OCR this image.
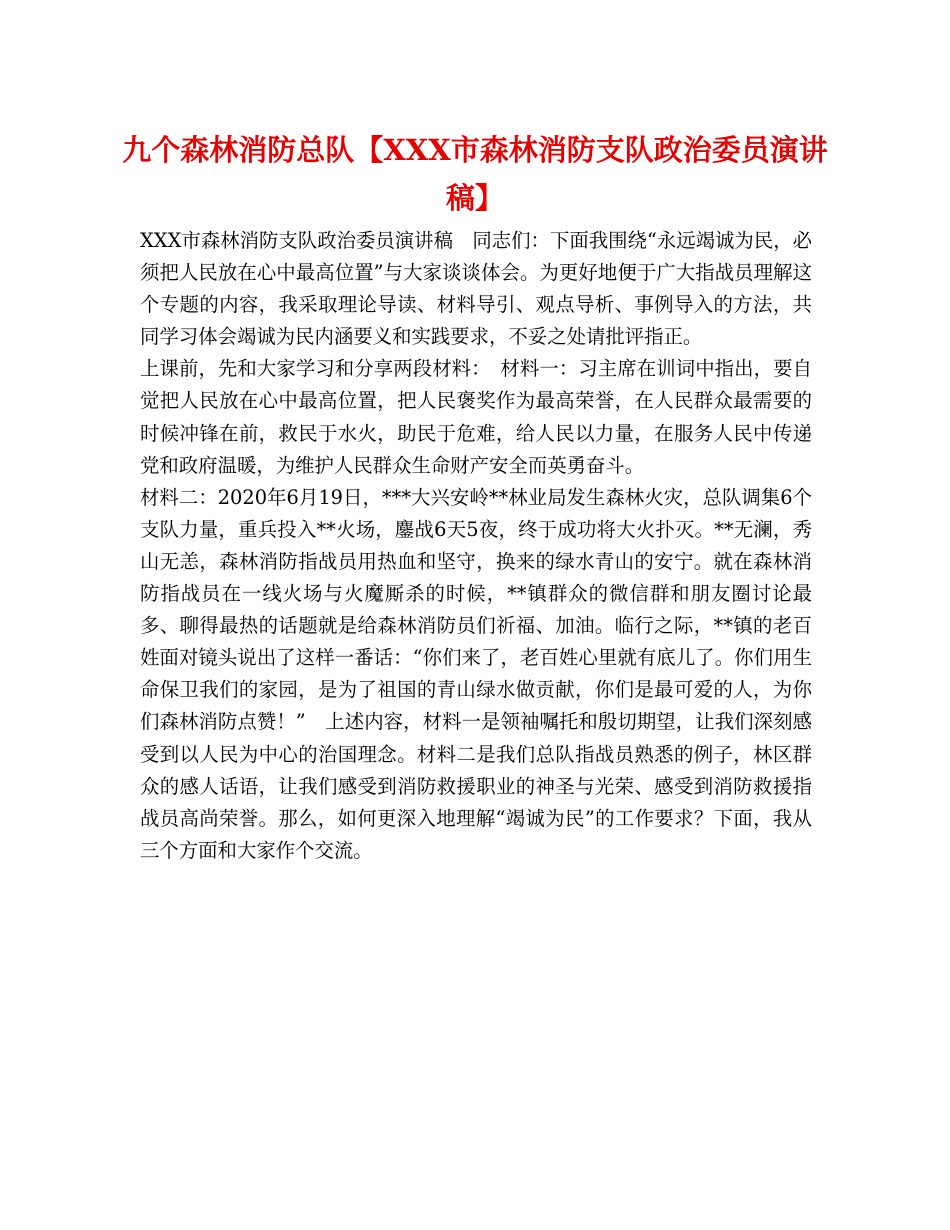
九个森林消防总队【XXX市森林消防支队政治委员演讲稿】

XXX市森林消防支队政治委员演讲稿　同志们：下面我围绕“永远竭诚为民，必须把人民放在心中最高位置”与大家谈谈体会。为更好地便于广大指战员理解这个专题的内容，我采取理论导读、材料导引、观点导析、事例导入的方法，共同学习体会竭诚为民内涵要义和实践要求，不妥之处请批评指正。

上课前，先和大家学习和分享两段材料：　材料一：习主席在训词中指出，要自觉把人民放在心中最高位置，把人民褒奖作为最高荣誉，在人民群众最需要的时候冲锋在前，救民于水火，助民于危难，给人民以力量，在服务人民中传递党和政府温暖，为维护人民群众生命财产安全而英勇奋斗。

材料二：2020年6月19日，***大兴安岭**林业局发生森林火灾，总队调集6个支队力量，重兵投入**火场，鏖战6天5夜，终于成功将大火扑灭。**无澜，秀山无恙，森林消防指战员用热血和坚守，换来的绿水青山的安宁。就在森林消防指战员在一线火场与火魔厮杀的时候，**镇群众的微信群和朋友圈讨论最多、聊得最热的话题就是给森林消防员们祈福、加油。临行之际，**镇的老百姓面对镜头说出了这样一番话：“你们来了，老百姓心里就有底儿了。你们用生命保卫我们的家园，是为了祖国的青山绿水做贡献，你们是最可爱的人，为你们森林消防点赞！”　上述内容，材料一是领袖嘱托和殷切期望，让我们深刻感受到以人民为中心的治国理念。材料二是我们总队指战员熟悉的例子，林区群众的感人话语，让我们感受到消防救援职业的神圣与光荣、感受到消防救援指战员高尚荣誉。那么，如何更深入地理解“竭诚为民”的工作要求？下面，我从三个方面和大家作个交流。
